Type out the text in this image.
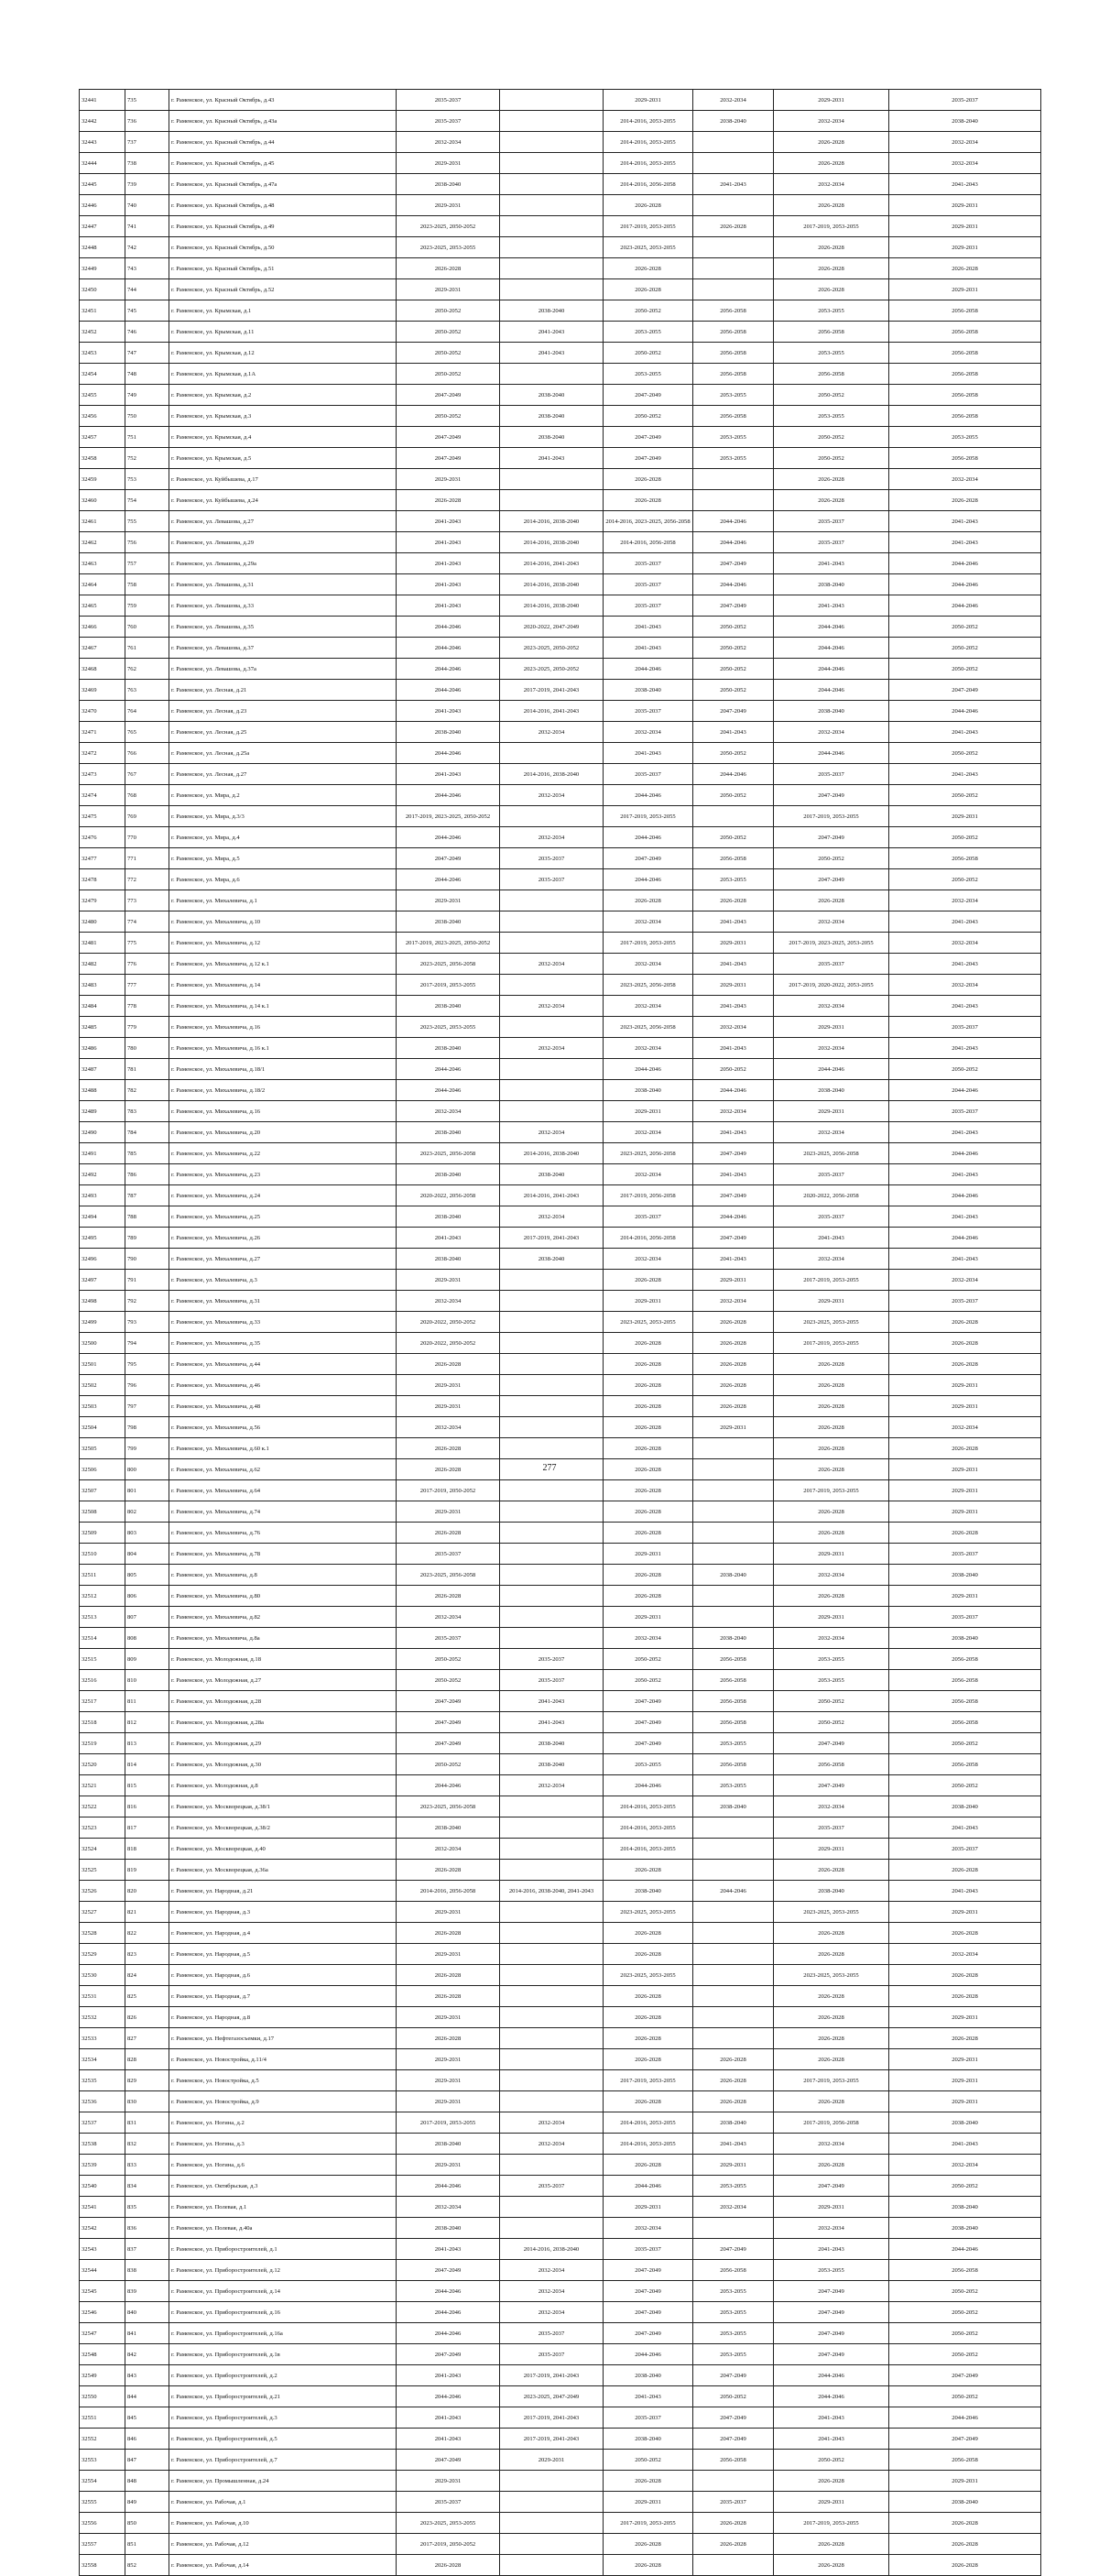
32441	735	г. Раменское, ул. Красный Октябрь, д.43	2035-2037		2029-2031	2032-2034	2029-2031	2035-2037
32442	736	г. Раменское, ул. Красный Октябрь, д.43а	2035-2037		2014-2016, 2053-2055	2038-2040	2032-2034	2038-2040
32443	737	г. Раменское, ул. Красный Октябрь, д.44	2032-2034		2014-2016, 2053-2055		2026-2028	2032-2034
32444	738	г. Раменское, ул. Красный Октябрь, д.45	2029-2031		2014-2016, 2053-2055		2026-2028	2032-2034
32445	739	г. Раменское, ул. Красный Октябрь, д.47а	2038-2040		2014-2016, 2056-2058	2041-2043	2032-2034	2041-2043
32446	740	г. Раменское, ул. Красный Октябрь, д.48	2029-2031		2026-2028		2026-2028	2029-2031
32447	741	г. Раменское, ул. Красный Октябрь, д.49	2023-2025, 2050-2052		2017-2019, 2053-2055	2026-2028	2017-2019, 2053-2055	2029-2031
32448	742	г. Раменское, ул. Красный Октябрь, д.50	2023-2025, 2053-2055		2023-2025, 2053-2055		2026-2028	2029-2031
32449	743	г. Раменское, ул. Красный Октябрь, д.51	2026-2028		2026-2028		2026-2028	2026-2028
32450	744	г. Раменское, ул. Красный Октябрь, д.52	2029-2031		2026-2028		2026-2028	2029-2031
32451	745	г. Раменское, ул. Крымская, д.1	2050-2052	2038-2040	2050-2052	2056-2058	2053-2055	2056-2058
32452	746	г. Раменское, ул. Крымская, д.11	2050-2052	2041-2043	2053-2055	2056-2058	2056-2058	2056-2058
32453	747	г. Раменское, ул. Крымская, д.12	2050-2052	2041-2043	2050-2052	2056-2058	2053-2055	2056-2058
32454	748	г. Раменское, ул. Крымская, д.1А	2050-2052		2053-2055	2056-2058	2056-2058	2056-2058
32455	749	г. Раменское, ул. Крымская, д.2	2047-2049	2038-2040	2047-2049	2053-2055	2050-2052	2056-2058
32456	750	г. Раменское, ул. Крымская, д.3	2050-2052	2038-2040	2050-2052	2056-2058	2053-2055	2056-2058
32457	751	г. Раменское, ул. Крымская, д.4	2047-2049	2038-2040	2047-2049	2053-2055	2050-2052	2053-2055
32458	752	г. Раменское, ул. Крымская, д.5	2047-2049	2041-2043	2047-2049	2053-2055	2050-2052	2056-2058
32459	753	г. Раменское, ул. Куйбышева, д.17	2029-2031		2026-2028		2026-2028	2032-2034
32460	754	г. Раменское, ул. Куйбышева, д.24	2026-2028		2026-2028		2026-2028	2026-2028
32461	755	г. Раменское, ул. Левашова, д.27	2041-2043	2014-2016, 2038-2040	2014-2016, 2023-2025, 2056-2058	2044-2046	2035-2037	2041-2043
32462	756	г. Раменское, ул. Левашова, д.29	2041-2043	2014-2016, 2038-2040	2014-2016, 2056-2058	2044-2046	2035-2037	2041-2043
32463	757	г. Раменское, ул. Левашова, д.29а	2041-2043	2014-2016, 2041-2043	2035-2037	2047-2049	2041-2043	2044-2046
32464	758	г. Раменское, ул. Левашова, д.31	2041-2043	2014-2016, 2038-2040	2035-2037	2044-2046	2038-2040	2044-2046
32465	759	г. Раменское, ул. Левашова, д.33	2041-2043	2014-2016, 2038-2040	2035-2037	2047-2049	2041-2043	2044-2046
32466	760	г. Раменское, ул. Левашова, д.35	2044-2046	2020-2022, 2047-2049	2041-2043	2050-2052	2044-2046	2050-2052
32467	761	г. Раменское, ул. Левашова, д.37	2044-2046	2023-2025, 2050-2052	2041-2043	2050-2052	2044-2046	2050-2052
32468	762	г. Раменское, ул. Левашова, д.37а	2044-2046	2023-2025, 2050-2052	2044-2046	2050-2052	2044-2046	2050-2052
32469	763	г. Раменское, ул. Лесная, д.21	2044-2046	2017-2019, 2041-2043	2038-2040	2050-2052	2044-2046	2047-2049
32470	764	г. Раменское, ул. Лесная, д.23	2041-2043	2014-2016, 2041-2043	2035-2037	2047-2049	2038-2040	2044-2046
32471	765	г. Раменское, ул. Лесная, д.25	2038-2040	2032-2034	2032-2034	2041-2043	2032-2034	2041-2043
32472	766	г. Раменское, ул. Лесная, д.25а	2044-2046		2041-2043	2050-2052	2044-2046	2050-2052
32473	767	г. Раменское, ул. Лесная, д.27	2041-2043	2014-2016, 2038-2040	2035-2037	2044-2046	2035-2037	2041-2043
32474	768	г. Раменское, ул. Мира, д.2	2044-2046	2032-2034	2044-2046	2050-2052	2047-2049	2050-2052
32475	769	г. Раменское, ул. Мира, д.3/3	2017-2019, 2023-2025, 2050-2052		2017-2019, 2053-2055		2017-2019, 2053-2055	2029-2031
32476	770	г. Раменское, ул. Мира, д.4	2044-2046	2032-2034	2044-2046	2050-2052	2047-2049	2050-2052
32477	771	г. Раменское, ул. Мира, д.5	2047-2049	2035-2037	2047-2049	2056-2058	2050-2052	2056-2058
32478	772	г. Раменское, ул. Мира, д.6	2044-2046	2035-2037	2044-2046	2053-2055	2047-2049	2050-2052
32479	773	г. Раменское, ул. Михалевича, д.1	2029-2031		2026-2028	2026-2028	2026-2028	2032-2034
32480	774	г. Раменское, ул. Михалевича, д.10	2038-2040		2032-2034	2041-2043	2032-2034	2041-2043
32481	775	г. Раменское, ул. Михалевича, д.12	2017-2019, 2023-2025, 2050-2052		2017-2019, 2053-2055	2029-2031	2017-2019, 2023-2025, 2053-2055	2032-2034
32482	776	г. Раменское, ул. Михалевича, д.12 к.1	2023-2025, 2056-2058	2032-2034	2032-2034	2041-2043	2035-2037	2041-2043
32483	777	г. Раменское, ул. Михалевича, д.14	2017-2019, 2053-2055		2023-2025, 2056-2058	2029-2031	2017-2019, 2020-2022, 2053-2055	2032-2034
32484	778	г. Раменское, ул. Михалевича, д.14 к.1	2038-2040	2032-2034	2032-2034	2041-2043	2032-2034	2041-2043
32485	779	г. Раменское, ул. Михалевича, д.16	2023-2025, 2053-2055		2023-2025, 2056-2058	2032-2034	2029-2031	2035-2037
32486	780	г. Раменское, ул. Михалевича, д.16 к.1	2038-2040	2032-2034	2032-2034	2041-2043	2032-2034	2041-2043
32487	781	г. Раменское, ул. Михалевича, д.18/1	2044-2046		2044-2046	2050-2052	2044-2046	2050-2052
32488	782	г. Раменское, ул. Михалевича, д.18/2	2044-2046		2038-2040	2044-2046	2038-2040	2044-2046
32489	783	г. Раменское, ул. Михалевича, д.16	2032-2034		2029-2031	2032-2034	2029-2031	2035-2037
32490	784	г. Раменское, ул. Михалевича, д.20	2038-2040	2032-2034	2032-2034	2041-2043	2032-2034	2041-2043
32491	785	г. Раменское, ул. Михалевича, д.22	2023-2025, 2056-2058	2014-2016, 2038-2040	2023-2025, 2056-2058	2047-2049	2023-2025, 2056-2058	2044-2046
32492	786	г. Раменское, ул. Михалевича, д.23	2038-2040	2038-2040	2032-2034	2041-2043	2035-2037	2041-2043
32493	787	г. Раменское, ул. Михалевича, д.24	2020-2022, 2056-2058	2014-2016, 2041-2043	2017-2019, 2056-2058	2047-2049	2020-2022, 2056-2058	2044-2046
32494	788	г. Раменское, ул. Михалевича, д.25	2038-2040	2032-2034	2035-2037	2044-2046	2035-2037	2041-2043
32495	789	г. Раменское, ул. Михалевича, д.26	2041-2043	2017-2019, 2041-2043	2014-2016, 2056-2058	2047-2049	2041-2043	2044-2046
32496	790	г. Раменское, ул. Михалевича, д.27	2038-2040	2038-2040	2032-2034	2041-2043	2032-2034	2041-2043
32497	791	г. Раменское, ул. Михалевича, д.3	2029-2031		2026-2028	2029-2031	2017-2019, 2053-2055	2032-2034
32498	792	г. Раменское, ул. Михалевича, д.31	2032-2034		2029-2031	2032-2034	2029-2031	2035-2037
32499	793	г. Раменское, ул. Михалевича, д.33	2020-2022, 2050-2052		2023-2025, 2053-2055	2026-2028	2023-2025, 2053-2055	2026-2028
32500	794	г. Раменское, ул. Михалевича, д.35	2020-2022, 2050-2052		2026-2028	2026-2028	2017-2019, 2053-2055	2026-2028
32501	795	г. Раменское, ул. Михалевича, д.44	2026-2028		2026-2028	2026-2028	2026-2028	2026-2028
32502	796	г. Раменское, ул. Михалевича, д.46	2029-2031		2026-2028	2026-2028	2026-2028	2029-2031
32503	797	г. Раменское, ул. Михалевича, д.48	2029-2031		2026-2028	2026-2028	2026-2028	2029-2031
32504	798	г. Раменское, ул. Михалевича, д.56	2032-2034		2026-2028	2029-2031	2026-2028	2032-2034
32505	799	г. Раменское, ул. Михалевича, д.60 к.1	2026-2028		2026-2028		2026-2028	2026-2028
32506	800	г. Раменское, ул. Михалевича, д.62	2026-2028		2026-2028		2026-2028	2029-2031
32507	801	г. Раменское, ул. Михалевича, д.64	2017-2019, 2050-2052		2026-2028		2017-2019, 2053-2055	2029-2031
32508	802	г. Раменское, ул. Михалевича, д.74	2029-2031		2026-2028		2026-2028	2029-2031
32509	803	г. Раменское, ул. Михалевича, д.76	2026-2028		2026-2028		2026-2028	2026-2028
32510	804	г. Раменское, ул. Михалевича, д.78	2035-2037		2029-2031		2029-2031	2035-2037
32511	805	г. Раменское, ул. Михалевича, д.8	2023-2025, 2056-2058		2026-2028	2038-2040	2032-2034	2038-2040
32512	806	г. Раменское, ул. Михалевича, д.80	2026-2028		2026-2028		2026-2028	2029-2031
32513	807	г. Раменское, ул. Михалевича, д.82	2032-2034		2029-2031		2029-2031	2035-2037
32514	808	г. Раменское, ул. Михалевича, д.8а	2035-2037		2032-2034	2038-2040	2032-2034	2038-2040
32515	809	г. Раменское, ул. Молодежная, д.18	2050-2052	2035-2037	2050-2052	2056-2058	2053-2055	2056-2058
32516	810	г. Раменское, ул. Молодежная, д.27	2050-2052	2035-2037	2050-2052	2056-2058	2053-2055	2056-2058
32517	811	г. Раменское, ул. Молодежная, д.28	2047-2049	2041-2043	2047-2049	2056-2058	2050-2052	2056-2058
32518	812	г. Раменское, ул. Молодежная, д.28а	2047-2049	2041-2043	2047-2049	2056-2058	2050-2052	2056-2058
32519	813	г. Раменское, ул. Молодежная, д.29	2047-2049	2038-2040	2047-2049	2053-2055	2047-2049	2050-2052
32520	814	г. Раменское, ул. Молодежная, д.30	2050-2052	2038-2040	2053-2055	2056-2058	2056-2058	2056-2058
32521	815	г. Раменское, ул. Молодежная, д.8	2044-2046	2032-2034	2044-2046	2053-2055	2047-2049	2050-2052
32522	816	г. Раменское, ул. Москворецкая, д.38/1	2023-2025, 2056-2058		2014-2016, 2053-2055	2038-2040	2032-2034	2038-2040
32523	817	г. Раменское, ул. Москворецкая, д.38/2	2038-2040		2014-2016, 2053-2055		2035-2037	2041-2043
32524	818	г. Раменское, ул. Москворецкая, д.40	2032-2034		2014-2016, 2053-2055		2029-2031	2035-2037
32525	819	г. Раменское, ул. Москворецкая, д.36а	2026-2028		2026-2028		2026-2028	2026-2028
32526	820	г. Раменское, ул. Народная, д.21	2014-2016, 2056-2058	2014-2016, 2038-2040, 2041-2043	2038-2040	2044-2046	2038-2040	2041-2043
32527	821	г. Раменское, ул. Народная, д.3	2029-2031		2023-2025, 2053-2055		2023-2025, 2053-2055	2029-2031
32528	822	г. Раменское, ул. Народная, д.4	2026-2028		2026-2028		2026-2028	2026-2028
32529	823	г. Раменское, ул. Народная, д.5	2029-2031		2026-2028		2026-2028	2032-2034
32530	824	г. Раменское, ул. Народная, д.6	2026-2028		2023-2025, 2053-2055		2023-2025, 2053-2055	2026-2028
32531	825	г. Раменское, ул. Народная, д.7	2026-2028		2026-2028		2026-2028	2026-2028
32532	826	г. Раменское, ул. Народная, д.8	2029-2031		2026-2028		2026-2028	2029-2031
32533	827	г. Раменское, ул. Нефтегазосъемки, д.17	2026-2028		2026-2028		2026-2028	2026-2028
32534	828	г. Раменское, ул. Новостройка, д.11/4	2029-2031		2026-2028	2026-2028	2026-2028	2029-2031
32535	829	г. Раменское, ул. Новостройка, д.5	2029-2031		2017-2019, 2053-2055	2026-2028	2017-2019, 2053-2055	2029-2031
32536	830	г. Раменское, ул. Новостройка, д.9	2029-2031		2026-2028	2026-2028	2026-2028	2029-2031
32537	831	г. Раменское, ул. Ногина, д.2	2017-2019, 2053-2055	2032-2034	2014-2016, 2053-2055	2038-2040	2017-2019, 2056-2058	2038-2040
32538	832	г. Раменское, ул. Ногина, д.3	2038-2040	2032-2034	2014-2016, 2053-2055	2041-2043	2032-2034	2041-2043
32539	833	г. Раменское, ул. Ногина, д.6	2029-2031		2026-2028	2029-2031	2026-2028	2032-2034
32540	834	г. Раменское, ул. Октябрьская, д.3	2044-2046	2035-2037	2044-2046	2053-2055	2047-2049	2050-2052
32541	835	г. Раменское, ул. Полевая, д.1	2032-2034		2029-2031	2032-2034	2029-2031	2038-2040
32542	836	г. Раменское, ул. Полевая, д.40а	2038-2040		2032-2034		2032-2034	2038-2040
32543	837	г. Раменское, ул. Приборостроителей, д.1	2041-2043	2014-2016, 2038-2040	2035-2037	2047-2049	2041-2043	2044-2046
32544	838	г. Раменское, ул. Приборостроителей, д.12	2047-2049	2032-2034	2047-2049	2056-2058	2053-2055	2056-2058
32545	839	г. Раменское, ул. Приборостроителей, д.14	2044-2046	2032-2034	2047-2049	2053-2055	2047-2049	2050-2052
32546	840	г. Раменское, ул. Приборостроителей, д.16	2044-2046	2032-2034	2047-2049	2053-2055	2047-2049	2050-2052
32547	841	г. Раменское, ул. Приборостроителей, д.16а	2044-2046	2035-2037	2047-2049	2053-2055	2047-2049	2050-2052
32548	842	г. Раменское, ул. Приборостроителей, д.1в	2047-2049	2035-2037	2044-2046	2053-2055	2047-2049	2050-2052
32549	843	г. Раменское, ул. Приборостроителей, д.2	2041-2043	2017-2019, 2041-2043	2038-2040	2047-2049	2044-2046	2047-2049
32550	844	г. Раменское, ул. Приборостроителей, д.21	2044-2046	2023-2025, 2047-2049	2041-2043	2050-2052	2044-2046	2050-2052
32551	845	г. Раменское, ул. Приборостроителей, д.3	2041-2043	2017-2019, 2041-2043	2035-2037	2047-2049	2041-2043	2044-2046
32552	846	г. Раменское, ул. Приборостроителей, д.5	2041-2043	2017-2019, 2041-2043	2038-2040	2047-2049	2041-2043	2047-2049
32553	847	г. Раменское, ул. Приборостроителей, д.7	2047-2049	2029-2031	2050-2052	2056-2058	2050-2052	2056-2058
32554	848	г. Раменское, ул. Промышленная, д.24	2029-2031		2026-2028		2026-2028	2029-2031
32555	849	г. Раменское, ул. Рабочая, д.1	2035-2037		2029-2031	2035-2037	2029-2031	2038-2040
32556	850	г. Раменское, ул. Рабочая, д.10	2023-2025, 2053-2055		2017-2019, 2053-2055	2026-2028	2017-2019, 2053-2055	2026-2028
32557	851	г. Раменское, ул. Рабочая, д.12	2017-2019, 2050-2052		2026-2028	2026-2028	2026-2028	2026-2028
32558	852	г. Раменское, ул. Рабочая, д.14	2026-2028		2026-2028		2026-2028	2026-2028
277
